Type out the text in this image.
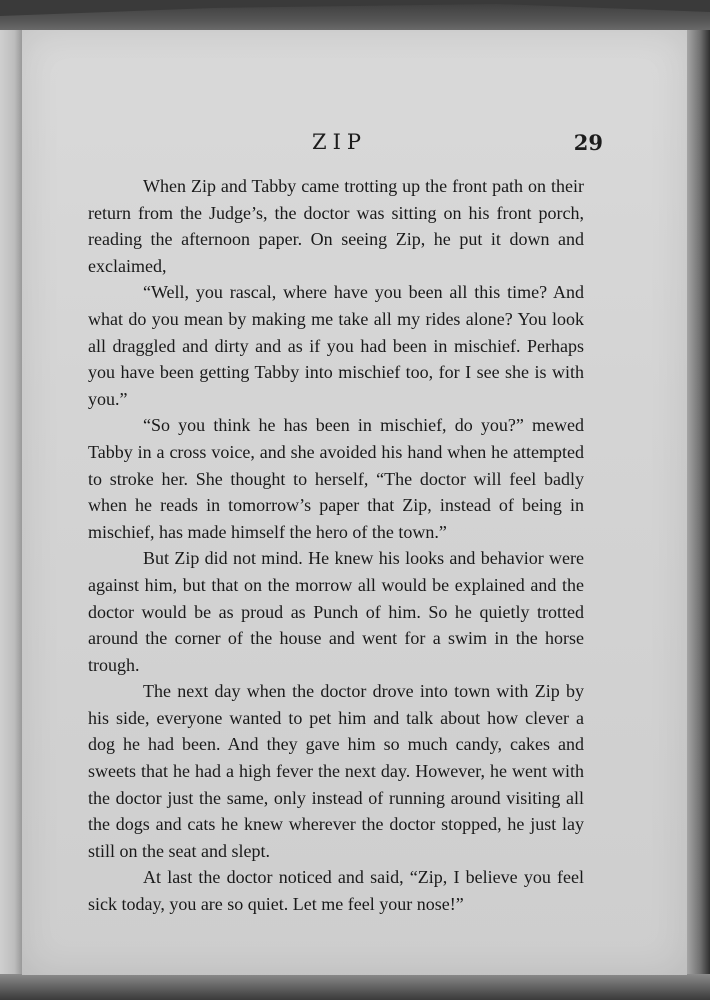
ZIP	29

When Zip and Tabby came trotting up the front path on their return from the Judge’s, the doctor was sitting on his front porch, reading the afternoon paper. On seeing Zip, he put it down and exclaimed,

“Well, you rascal, where have you been all this time? And what do you mean by making me take all my rides alone? You look all draggled and dirty and as if you had been in mischief. Perhaps you have been getting Tabby into mischief too, for I see she is with you.”

“So you think he has been in mischief, do you?” mewed Tabby in a cross voice, and she avoided his hand when he attempted to stroke her. She thought to herself, “The doctor will feel badly when he reads in tomorrow’s paper that Zip, instead of being in mischief, has made himself the hero of the town.”

But Zip did not mind. He knew his looks and behavior were against him, but that on the morrow all would be explained and the doctor would be as proud as Punch of him. So he quietly trotted around the corner of the house and went for a swim in the horse trough.

The next day when the doctor drove into town with Zip by his side, everyone wanted to pet him and talk about how clever a dog he had been. And they gave him so much candy, cakes and sweets that he had a high fever the next day. However, he went with the doctor just the same, only instead of running around visiting all the dogs and cats he knew wherever the doctor stopped, he just lay still on the seat and slept.

At last the doctor noticed and said, “Zip, I believe you feel sick today, you are so quiet. Let me feel your nose!”
